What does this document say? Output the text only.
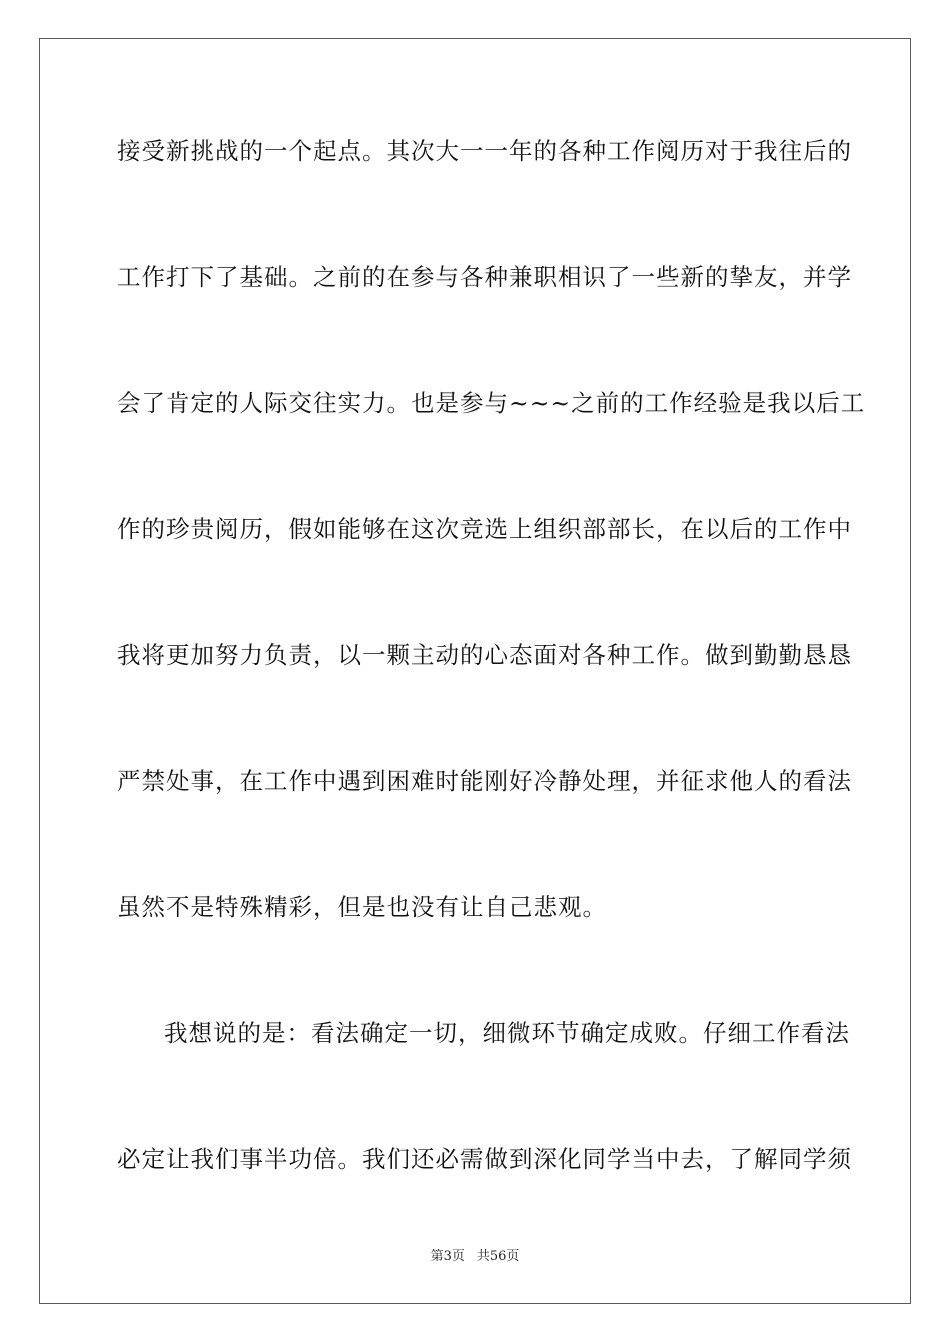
接受新挑战的一个起点。其次大一一年的各种工作阅历对于我往后的
工作打下了基础。之前的在参与各种兼职相识了一些新的挚友，并学
会了肯定的人际交往实力。也是参与~~~之前的工作经验是我以后工
作的珍贵阅历，假如能够在这次竞选上组织部部长，在以后的工作中
我将更加努力负责，以一颗主动的心态面对各种工作。做到勤勤恳恳
严禁处事，在工作中遇到困难时能刚好冷静处理，并征求他人的看法
虽然不是特殊精彩，但是也没有让自己悲观。
我想说的是：看法确定一切，细微环节确定成败。仔细工作看法
必定让我们事半功倍。我们还必需做到深化同学当中去，了解同学须
第3页 共56页
